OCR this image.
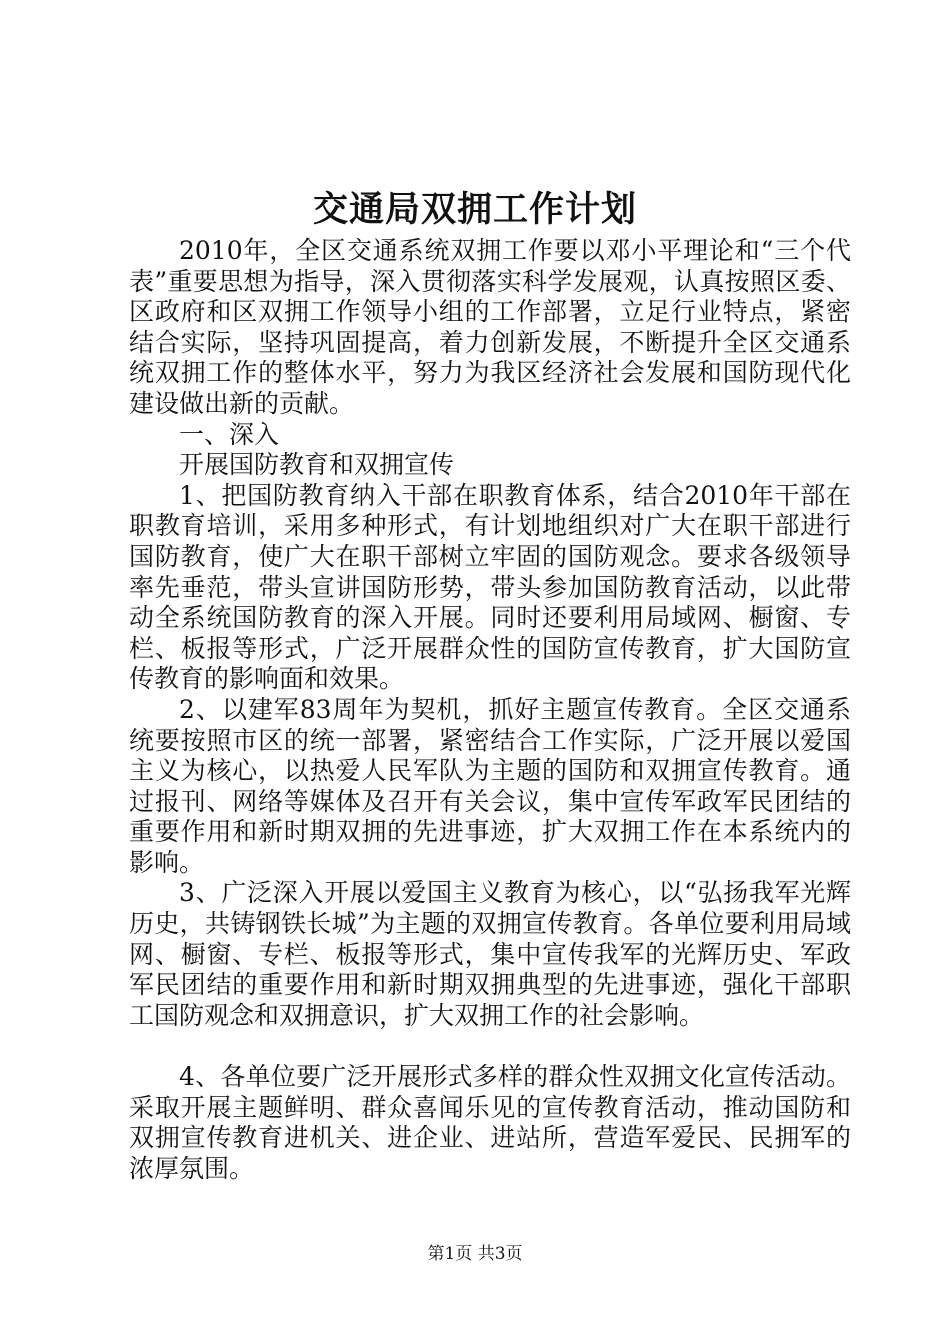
交通局双拥工作计划

2010年，全区交通系统双拥工作要以邓小平理论和“三个代表”重要思想为指导，深入贯彻落实科学发展观，认真按照区委、区政府和区双拥工作领导小组的工作部署，立足行业特点，紧密结合实际，坚持巩固提高，着力创新发展，不断提升全区交通系统双拥工作的整体水平，努力为我区经济社会发展和国防现代化建设做出新的贡献。

一、深入

开展国防教育和双拥宣传

1、把国防教育纳入干部在职教育体系，结合2010年干部在职教育培训，采用多种形式，有计划地组织对广大在职干部进行国防教育，使广大在职干部树立牢固的国防观念。要求各级领导率先垂范，带头宣讲国防形势，带头参加国防教育活动，以此带动全系统国防教育的深入开展。同时还要利用局域网、橱窗、专栏、板报等形式，广泛开展群众性的国防宣传教育，扩大国防宣传教育的影响面和效果。

2、以建军83周年为契机，抓好主题宣传教育。全区交通系统要按照市区的统一部署，紧密结合工作实际，广泛开展以爱国主义为核心，以热爱人民军队为主题的国防和双拥宣传教育。通过报刊、网络等媒体及召开有关会议，集中宣传军政军民团结的重要作用和新时期双拥的先进事迹，扩大双拥工作在本系统内的影响。

3、广泛深入开展以爱国主义教育为核心，以“弘扬我军光辉历史，共铸钢铁长城”为主题的双拥宣传教育。各单位要利用局域网、橱窗、专栏、板报等形式，集中宣传我军的光辉历史、军政军民团结的重要作用和新时期双拥典型的先进事迹，强化干部职工国防观念和双拥意识，扩大双拥工作的社会影响。

4、各单位要广泛开展形式多样的群众性双拥文化宣传活动。采取开展主题鲜明、群众喜闻乐见的宣传教育活动，推动国防和双拥宣传教育进机关、进企业、进站所，营造军爱民、民拥军的浓厚氛围。

第1页 共3页
